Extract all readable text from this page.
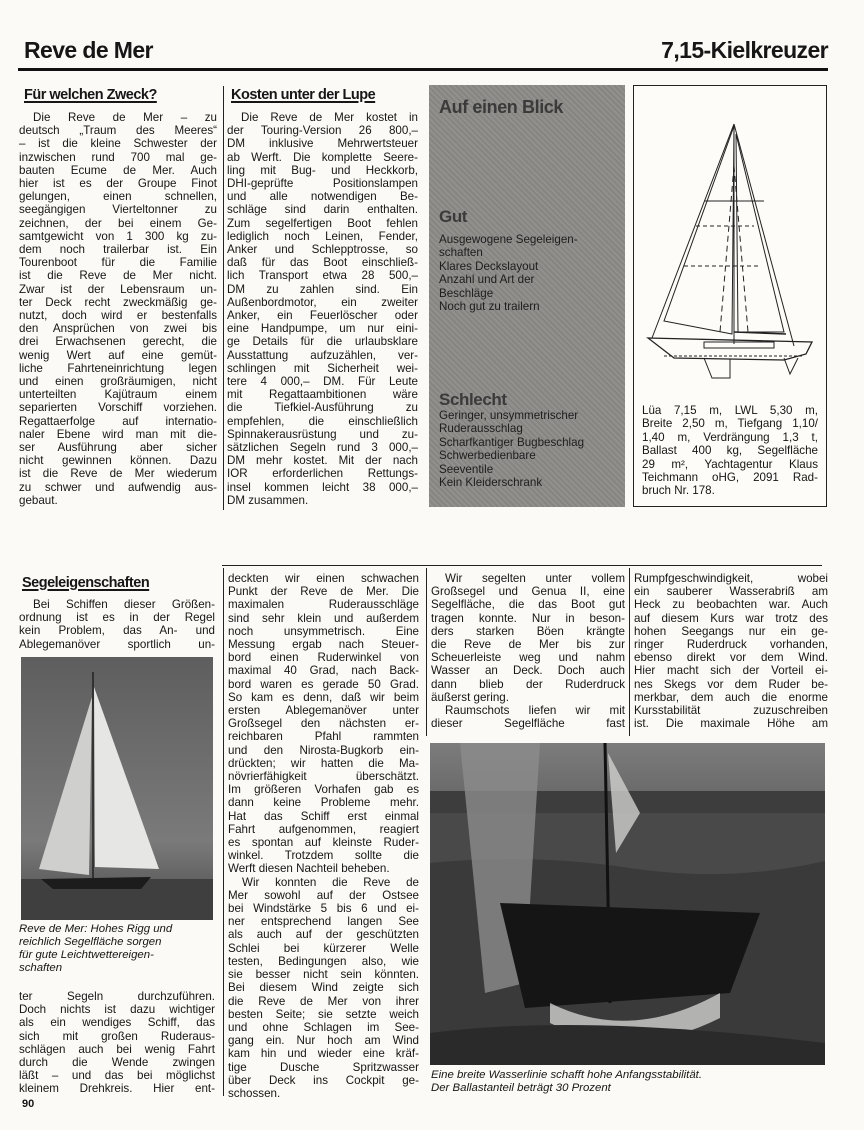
Reve de Mer	7,15-Kielkreuzer
Für welchen Zweck?
Die Reve de Mer – zu
deutsch „Traum des Meeres“
– ist die kleine Schwester der
inzwischen rund 700 mal ge-
bauten Ecume de Mer. Auch
hier ist es der Groupe Finot
gelungen, einen schnellen,
seegängigen Vierteltonner zu
zeichnen, der bei einem Ge-
samtgewicht von 1 300 kg zu-
dem noch trailerbar ist. Ein
Tourenboot für die Familie
ist die Reve de Mer nicht.
Zwar ist der Lebensraum un-
ter Deck recht zweckmäßig ge-
nutzt, doch wird er bestenfalls
den Ansprüchen von zwei bis
drei Erwachsenen gerecht, die
wenig Wert auf eine gemüt-
liche Fahrteneinrichtung legen
und einen großräumigen, nicht
unterteilten Kajütraum einem
separierten Vorschiff vorziehen.
Regattaerfolge auf internatio-
naler Ebene wird man mit die-
ser Ausführung aber sicher
nicht gewinnen können. Dazu
ist die Reve de Mer wiederum
zu schwer und aufwendig aus-
gebaut.
Kosten unter der Lupe
Die Reve de Mer kostet in
der Touring-Version 26 800,–
DM inklusive Mehrwertsteuer
ab Werft. Die komplette Seere-
ling mit Bug- und Heckkorb,
DHI-geprüfte Positionslampen
und alle notwendigen Be-
schläge sind darin enthalten.
Zum segelfertigen Boot fehlen
lediglich noch Leinen, Fender,
Anker und Schlepptrosse, so
daß für das Boot einschließ-
lich Transport etwa 28 500,–
DM zu zahlen sind. Ein
Außenbordmotor, ein zweiter
Anker, ein Feuerlöscher oder
eine Handpumpe, um nur eini-
ge Details für die urlaubsklare
Ausstattung aufzuzählen, ver-
schlingen mit Sicherheit wei-
tere 4 000,– DM. Für Leute
mit Regattaambitionen wäre
die Tiefkiel-Ausführung zu
empfehlen, die einschließlich
Spinnakerausrüstung und zu-
sätzlichen Segeln rund 3 000,–
DM mehr kostet. Mit der nach
IOR erforderlichen Rettungs-
insel kommen leicht 38 000,–
DM zusammen.
Auf einen Blick
Gut
Ausgewogene Segeleigen-
schaften
Klares Deckslayout
Anzahl und Art der
Beschläge
Noch gut zu trailern
Schlecht
Geringer, unsymmetrischer
Ruderausschlag
Scharfkantiger Bugbeschlag
Schwerbedienbare
Seeventile
Kein Kleiderschrank
Lüa 7,15 m, LWL 5,30 m,
Breite 2,50 m, Tiefgang 1,10/
1,40 m, Verdrängung 1,3 t,
Ballast 400 kg, Segelfläche
29 m², Yachtagentur Klaus
Teichmann oHG, 2091 Rad-
bruch Nr. 178.
Segeleigenschaften
Bei Schiffen dieser Größen-
ordnung ist es in der Regel
kein Problem, das An- und
Ablegemanöver sportlich un-
Reve de Mer: Hohes Rigg und
reichlich Segelfläche sorgen
für gute Leichtwettereigen-
schaften
ter Segeln durchzuführen.
Doch nichts ist dazu wichtiger
als ein wendiges Schiff, das
sich mit großen Ruderaus-
schlägen auch bei wenig Fahrt
durch die Wende zwingen
läßt – und das bei möglichst
kleinem Drehkreis. Hier ent-
deckten wir einen schwachen
Punkt der Reve de Mer. Die
maximalen Ruderausschläge
sind sehr klein und außerdem
noch unsymmetrisch. Eine
Messung ergab nach Steuer-
bord einen Ruderwinkel von
maximal 40 Grad, nach Back-
bord waren es gerade 50 Grad.
So kam es denn, daß wir beim
ersten Ablegemanöver unter
Großsegel den nächsten er-
reichbaren Pfahl rammten
und den Nirosta-Bugkorb ein-
drückten; wir hatten die Ma-
növrierfähigkeit überschätzt.
Im größeren Vorhafen gab es
dann keine Probleme mehr.
Hat das Schiff erst einmal
Fahrt aufgenommen, reagiert
es spontan auf kleinste Ruder-
winkel. Trotzdem sollte die
Werft diesen Nachteil beheben.
Wir konnten die Reve de
Mer sowohl auf der Ostsee
bei Windstärke 5 bis 6 und ei-
ner entsprechend langen See
als auch auf der geschützten
Schlei bei kürzerer Welle
testen, Bedingungen also, wie
sie besser nicht sein könnten.
Bei diesem Wind zeigte sich
die Reve de Mer von ihrer
besten Seite; sie setzte weich
und ohne Schlagen im See-
gang ein. Nur hoch am Wind
kam hin und wieder eine kräf-
tige Dusche Spritzwasser
über Deck ins Cockpit ge-
schossen.
Wir segelten unter vollem
Großsegel und Genua II, eine
Segelfläche, die das Boot gut
tragen konnte. Nur in beson-
ders starken Böen krängte
die Reve de Mer bis zur
Scheuerleiste weg und nahm
Wasser an Deck. Doch auch
dann blieb der Ruderdruck
äußerst gering.
Raumschots liefen wir mit
dieser Segelfläche fast
Rumpfgeschwindigkeit, wobei
ein sauberer Wasserabriß am
Heck zu beobachten war. Auch
auf diesem Kurs war trotz des
hohen Seegangs nur ein ge-
ringer Ruderdruck vorhanden,
ebenso direkt vor dem Wind.
Hier macht sich der Vorteil ei-
nes Skegs vor dem Ruder be-
merkbar, dem auch die enorme
Kursstabilität zuzuschreiben
ist. Die maximale Höhe am
Eine breite Wasserlinie schafft hohe Anfangsstabilität.
Der Ballastanteil beträgt 30 Prozent
90
